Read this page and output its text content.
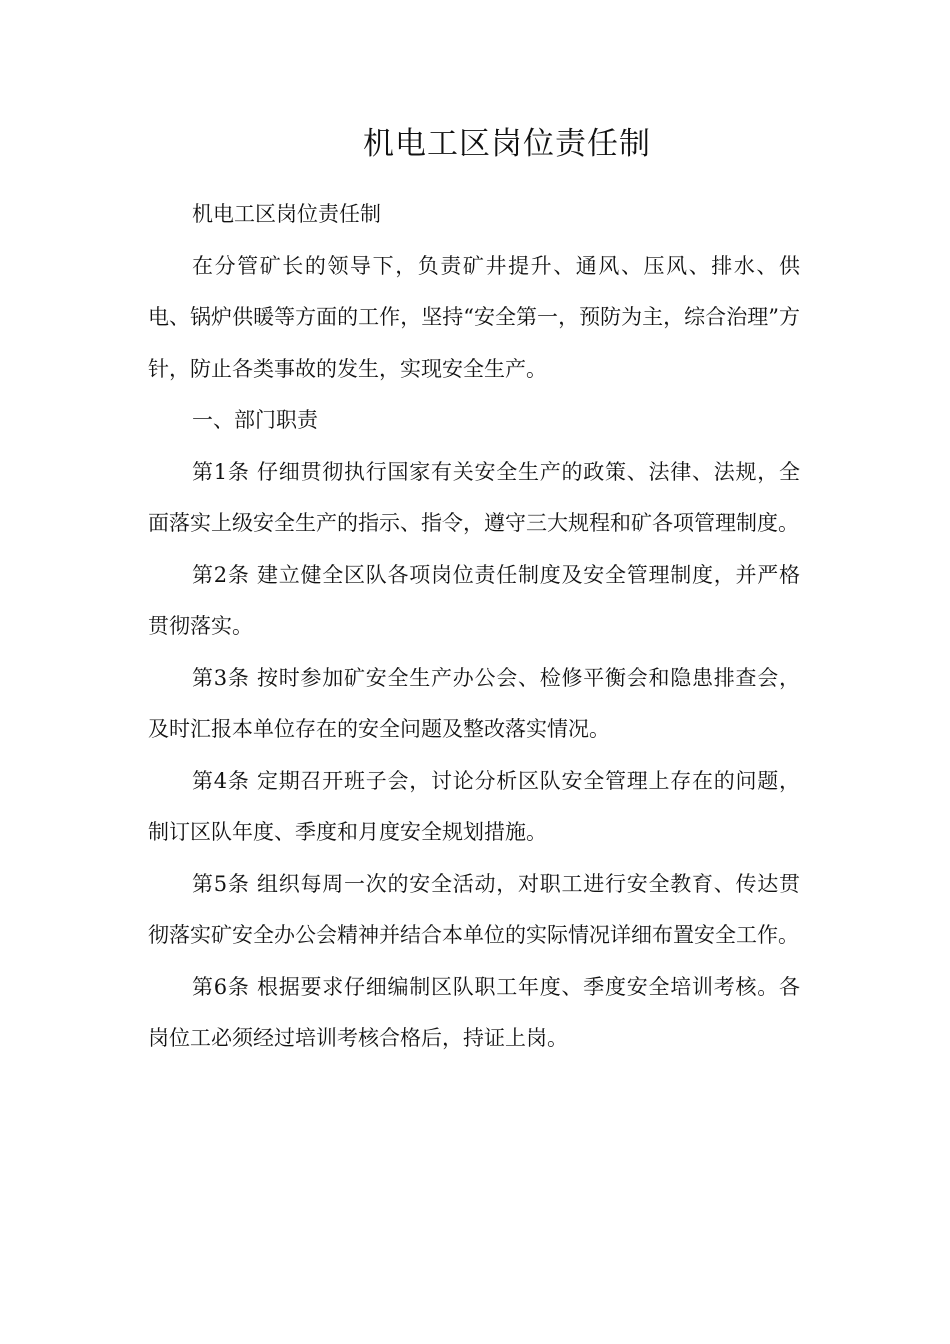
机电工区岗位责任制

机电工区岗位责任制

在分管矿长的领导下，负责矿井提升、通风、压风、排水、供电、锅炉供暖等方面的工作，坚持“安全第一，预防为主，综合治理”方针，防止各类事故的发生，实现安全生产。

一、部门职责

第1条 仔细贯彻执行国家有关安全生产的政策、法律、法规，全面落实上级安全生产的指示、指令，遵守三大规程和矿各项管理制度。

第2条 建立健全区队各项岗位责任制度及安全管理制度，并严格贯彻落实。

第3条 按时参加矿安全生产办公会、检修平衡会和隐患排查会，及时汇报本单位存在的安全问题及整改落实情况。

第4条 定期召开班子会，讨论分析区队安全管理上存在的问题，制订区队年度、季度和月度安全规划措施。

第5条 组织每周一次的安全活动，对职工进行安全教育、传达贯彻落实矿安全办公会精神并结合本单位的实际情况详细布置安全工作。

第6条 根据要求仔细编制区队职工年度、季度安全培训考核。各岗位工必须经过培训考核合格后，持证上岗。
